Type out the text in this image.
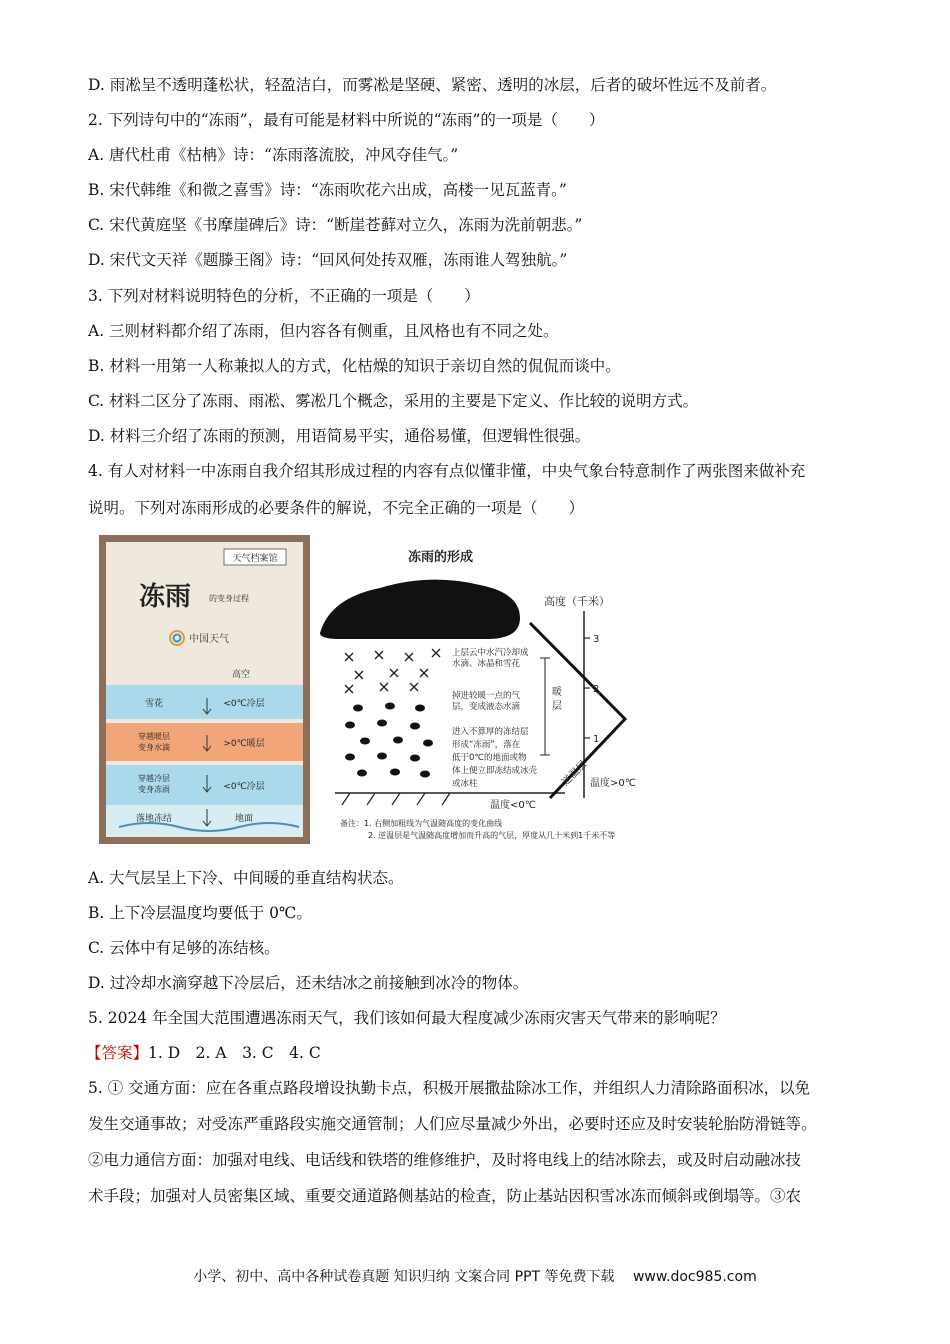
D. 雨凇呈不透明蓬松状，轻盈洁白，而雾凇是坚硬、紧密、透明的冰层，后者的破坏性远不及前者。
2. 下列诗句中的“冻雨”，最有可能是材料中所说的“冻雨”的一项是（　　）
A. 唐代杜甫《枯柟》诗：“冻雨落流胶，冲风夺佳气。”
B. 宋代韩维《和微之喜雪》诗：“冻雨吹花六出成，高楼一见瓦蓝青。”
C. 宋代黄庭坚《书摩崖碑后》诗：“断崖苍藓对立久，冻雨为洗前朝悲。”
D. 宋代文天祥《题滕王阁》诗：“回风何处抟双雁，冻雨谁人驾独航。”
3. 下列对材料说明特色的分析，不正确的一项是（　　）
A. 三则材料都介绍了冻雨，但内容各有侧重，且风格也有不同之处。
B. 材料一用第一人称兼拟人的方式，化枯燥的知识于亲切自然的侃侃而谈中。
C. 材料二区分了冻雨、雨凇、雾凇几个概念，采用的主要是下定义、作比较的说明方式。
D. 材料三介绍了冻雨的预测，用语简易平实，通俗易懂，但逻辑性很强。
4. 有人对材料一中冻雨自我介绍其形成过程的内容有点似懂非懂，中央气象台特意制作了两张图来做补充
说明。下列对冻雨形成的必要条件的解说，不完全正确的一项是（　　）
天气档案馆
冻雨 的变身过程
中国天气
高空
雪花	<0℃冷层
穿越暖层
变身水滴	>0℃暖层
穿越冷层
变身冻雨	<0℃冷层
落地冻结	地面
冻雨的形成
上层云中水汽冷却成
水滴、冰晶和雪花
掉进较暖一点的气
层，变成液态水滴
进入不算厚的冻结层
形成“冻雨”，落在
低于0℃的地面或物
体上便立即冻结成冰壳
或冰柱
高度（千米）
3
2
1
暖
层
逆温层 温度>0℃
温度<0℃
备注：1. 右侧加粗线为气温随高度的变化曲线
2. 逆温层是气温随高度增加而升高的气层，厚度从几十米到1千米不等
A. 大气层呈上下冷、中间暖的垂直结构状态。
B. 上下冷层温度均要低于 0℃。
C. 云体中有足够的冻结核。
D. 过冷却水滴穿越下冷层后，还未结冰之前接触到冰冷的物体。
5. 2024 年全国大范围遭遇冻雨天气，我们该如何最大程度减少冻雨灾害天气带来的影响呢？
【答案】1. D　2. A　3. C　4. C
5. ① 交通方面：应在各重点路段增设执勤卡点，积极开展撒盐除冰工作，并组织人力清除路面积冰，以免
发生交通事故；对受冻严重路段实施交通管制；人们应尽量减少外出，必要时还应及时安装轮胎防滑链等。
②电力通信方面：加强对电线、电话线和铁塔的维修维护，及时将电线上的结冰除去，或及时启动融冰技
术手段；加强对人员密集区域、重要交通道路侧基站的检查，防止基站因积雪冰冻而倾斜或倒塌等。③农
小学、初中、高中各种试卷真题 知识归纳 文案合同 PPT 等免费下载　 www.doc985.com
